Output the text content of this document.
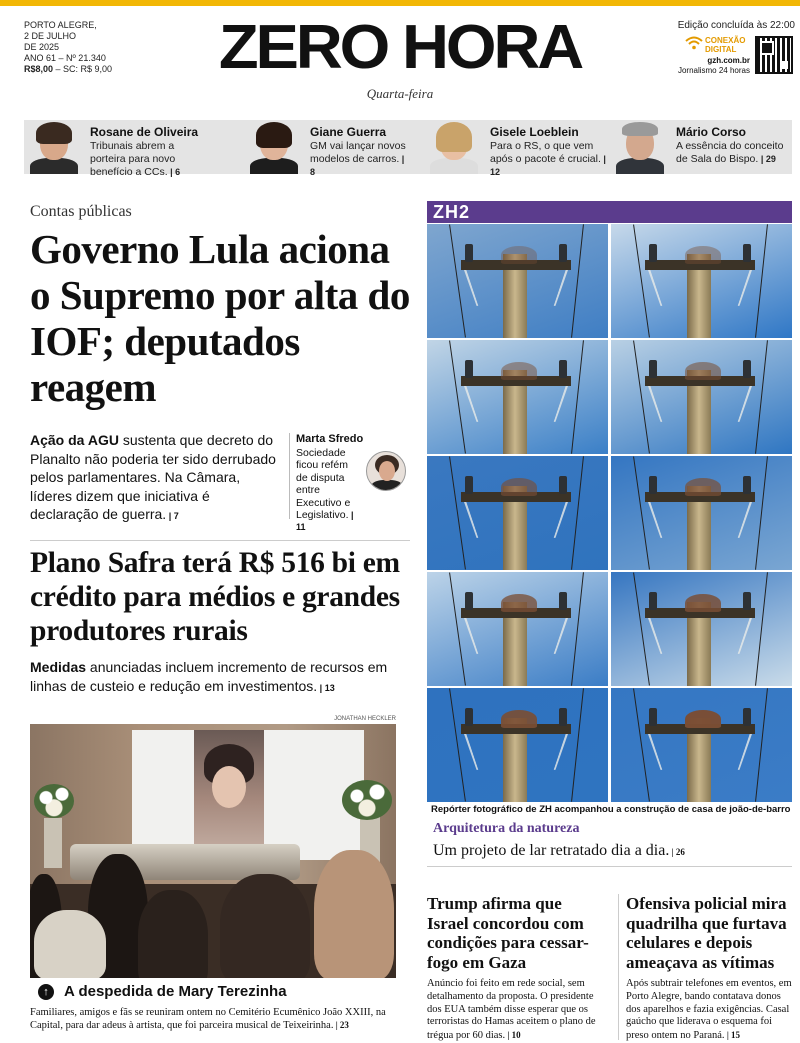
PORTO ALEGRE,
2 DE JULHO
DE 2025
ANO 61 – Nº 21.340
R$8,00 – SC: R$ 9,00	ZERO HORA
Quarta-feira
Edição concluída às 22:00
CONEXÃO
DIGITAL
gzh.com.br
Jornalismo 24 horas
Rosane de Oliveira
Tribunais abrem a porteira para novo benefício a CCs. | 6
Giane Guerra
GM vai lançar novos modelos de carros. | 8
Gisele Loeblein
Para o RS, o que vem após o pacote é crucial. | 12
Mário Corso
A essência do conceito de Sala do Bispo. | 29
Contas públicas
Governo Lula aciona o Supremo por alta do IOF; deputados reagem
Ação da AGU sustenta que decreto do Planalto não poderia ter sido derrubado pelos parlamentares. Na Câmara, líderes dizem que iniciativa é declaração de guerra. | 7
Marta Sfredo
Sociedade ficou refém de disputa entre Executivo e Legislativo. | 11
Plano Safra terá R$ 516 bi em crédito para médios e grandes produtores rurais
Medidas anunciadas incluem incremento de recursos em linhas de custeio e redução em investimentos. | 13
JONATHAN HECKLER
↑	A despedida de Mary Terezinha
Familiares, amigos e fãs se reuniram ontem no Cemitério Ecumênico João XXIII, na Capital, para dar adeus à artista, que foi parceira musical de Teixeirinha. | 23
ZH2
Repórter fotográfico de ZH acompanhou a construção de casa de joão-de-barro
Arquitetura da natureza
Um projeto de lar retratado dia a dia. | 26
Trump afirma que Israel concordou com condições para cessar-fogo em Gaza
Anúncio foi feito em rede social, sem detalhamento da proposta. O presidente dos EUA também disse esperar que os terroristas do Hamas aceitem o plano de trégua por 60 dias. | 10
Ofensiva policial mira quadrilha que furtava celulares e depois ameaçava as vítimas
Após subtrair telefones em eventos, em Porto Alegre, bando contatava donos dos aparelhos e fazia exigências. Casal gaúcho que liderava o esquema foi preso ontem no Paraná. | 15
